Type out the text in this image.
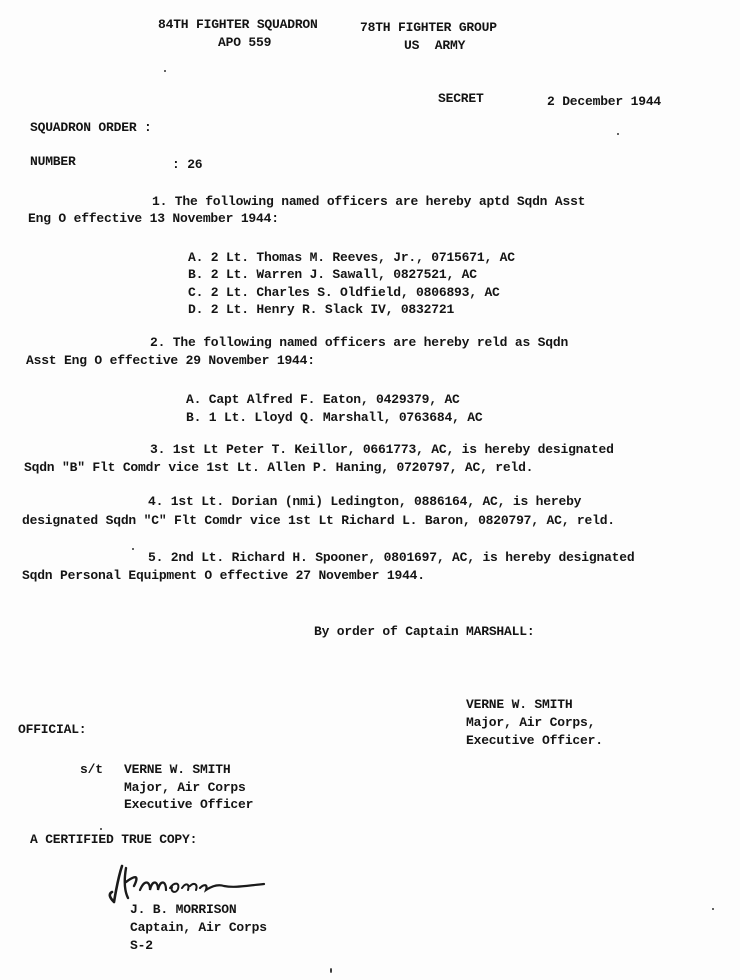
84TH FIGHTER SQUADRON	78TH FIGHTER GROUP
APO 559	US ARMY
SECRET	2 December 1944
SQUADRON ORDER :
NUMBER	: 26
1. The following named officers are hereby aptd Sqdn Asst
Eng O effective 13 November 1944:
A. 2 Lt. Thomas M. Reeves, Jr., 0715671, AC
B. 2 Lt. Warren J. Sawall, 0827521, AC
C. 2 Lt. Charles S. Oldfield, 0806893, AC
D. 2 Lt. Henry R. Slack IV, 0832721
2. The following named officers are hereby reld as Sqdn
Asst Eng O effective 29 November 1944:
A. Capt Alfred F. Eaton, 0429379, AC
B. 1 Lt. Lloyd Q. Marshall, 0763684, AC
3. 1st Lt Peter T. Keillor, 0661773, AC, is hereby designated
Sqdn "B" Flt Comdr vice 1st Lt. Allen P. Haning, 0720797, AC, reld.
4. 1st Lt. Dorian (nmi) Ledington, 0886164, AC, is hereby
designated Sqdn "C" Flt Comdr vice 1st Lt Richard L. Baron, 0820797, AC, reld.
5. 2nd Lt. Richard H. Spooner, 0801697, AC, is hereby designated
Sqdn Personal Equipment O effective 27 November 1944.
By order of Captain MARSHALL:
VERNE W. SMITH
Major, Air Corps,
Executive Officer.
OFFICIAL:
s/t VERNE W. SMITH
Major, Air Corps
Executive Officer
A CERTIFIED TRUE COPY:
J. B. MORRISON
Captain, Air Corps
S-2
